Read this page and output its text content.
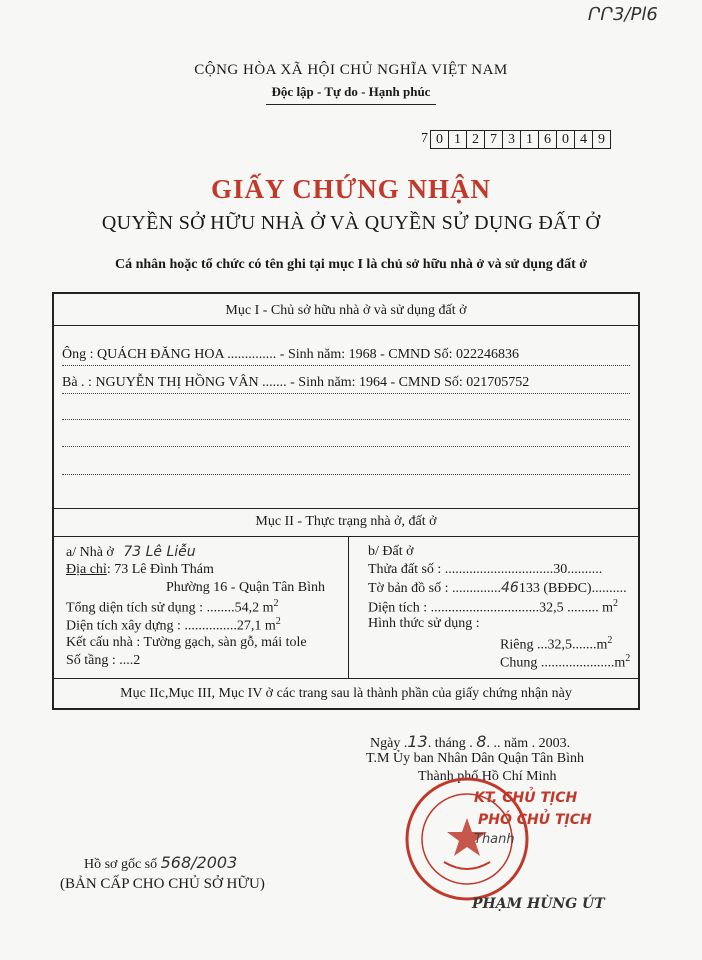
ՐՐ3/Pl6
CỘNG HÒA XÃ HỘI CHỦ NGHĨA VIỆT NAM
Độc lập - Tự do - Hạnh phúc
7 0 1 2 7 3 1 6 0 4 9
GIẤY CHỨNG NHẬN
QUYỀN SỞ HỮU NHÀ Ở VÀ QUYỀN SỬ DỤNG ĐẤT Ở
Cá nhân hoặc tổ chức có tên ghi tại mục I là chủ sở hữu nhà ở và sử dụng đất ở
Mục I - Chủ sở hữu nhà ở và sử dụng đất ở
Ông : QUÁCH ĐĂNG HOA .............. - Sinh năm: 1968 - CMND Số: 022246836
Bà . : NGUYỄN THỊ HỒNG VÂN ....... - Sinh năm: 1964 - CMND Số: 021705752
Mục II - Thực trạng nhà ở, đất ở
a/ Nhà ở 73 Lê Liễu
Địa chỉ: 73 Lê Đình Thám
Phường 16 - Quận Tân Bình
Tổng diện tích sử dụng : ........54,2 $m^2$
Diện tích xây dựng : ...............27,1 $m^2$
Kết cấu nhà : Tường gạch, sàn gỗ, mái tole
Số tầng : ....2
b/ Đất ở
Thửa đất số : ...............................30..........
Tờ bản đồ số : ..............46133 (BĐĐC)..........
Diện tích : ...............................32,5 ......... $m^2$
Hình thức sử dụng :
Riêng $...32,5.......m^2$
Chung $.....................m^2$
Mục IIc,Mục III, Mục IV ở các trang sau là thành phần của giấy chứng nhận này
Ngày .13. tháng . 8. .. năm . 2003.
T.M Ủy ban Nhân Dân Quận Tân Bình
Thành phố Hồ Chí Minh
KT. CHỦ TỊCH
PHÓ CHỦ TỊCH
Thanh
PHẠM HÙNG ÚT
Hồ sơ gốc số 568/2003
(BẢN CẤP CHO CHỦ SỞ HỮU)
